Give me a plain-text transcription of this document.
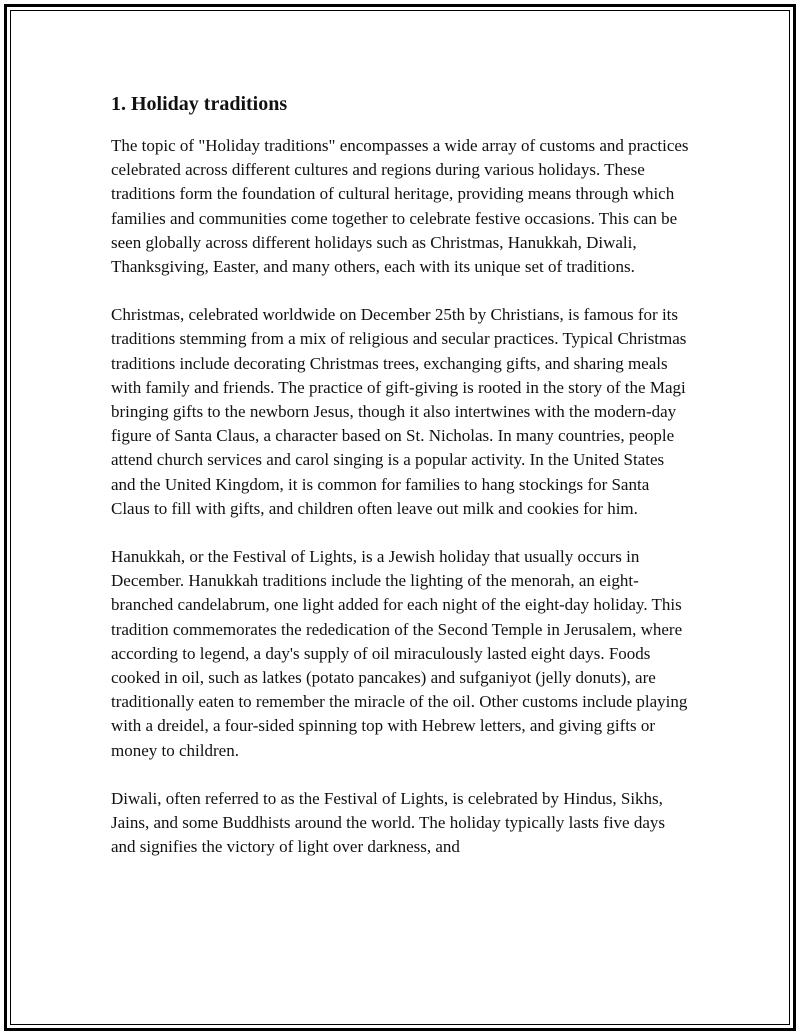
1. Holiday traditions

The topic of "Holiday traditions" encompasses a wide array of customs and practices celebrated across different cultures and regions during various holidays. These traditions form the foundation of cultural heritage, providing means through which families and communities come together to celebrate festive occasions. This can be seen globally across different holidays such as Christmas, Hanukkah, Diwali, Thanksgiving, Easter, and many others, each with its unique set of traditions.

Christmas, celebrated worldwide on December 25th by Christians, is famous for its traditions stemming from a mix of religious and secular practices. Typical Christmas traditions include decorating Christmas trees, exchanging gifts, and sharing meals with family and friends. The practice of gift-giving is rooted in the story of the Magi bringing gifts to the newborn Jesus, though it also intertwines with the modern-day figure of Santa Claus, a character based on St. Nicholas. In many countries, people attend church services and carol singing is a popular activity. In the United States and the United Kingdom, it is common for families to hang stockings for Santa Claus to fill with gifts, and children often leave out milk and cookies for him.

Hanukkah, or the Festival of Lights, is a Jewish holiday that usually occurs in December. Hanukkah traditions include the lighting of the menorah, an eight-branched candelabrum, one light added for each night of the eight-day holiday. This tradition commemorates the rededication of the Second Temple in Jerusalem, where according to legend, a day's supply of oil miraculously lasted eight days. Foods cooked in oil, such as latkes (potato pancakes) and sufganiyot (jelly donuts), are traditionally eaten to remember the miracle of the oil. Other customs include playing with a dreidel, a four-sided spinning top with Hebrew letters, and giving gifts or money to children.

Diwali, often referred to as the Festival of Lights, is celebrated by Hindus, Sikhs, Jains, and some Buddhists around the world. The holiday typically lasts five days and signifies the victory of light over darkness, and
